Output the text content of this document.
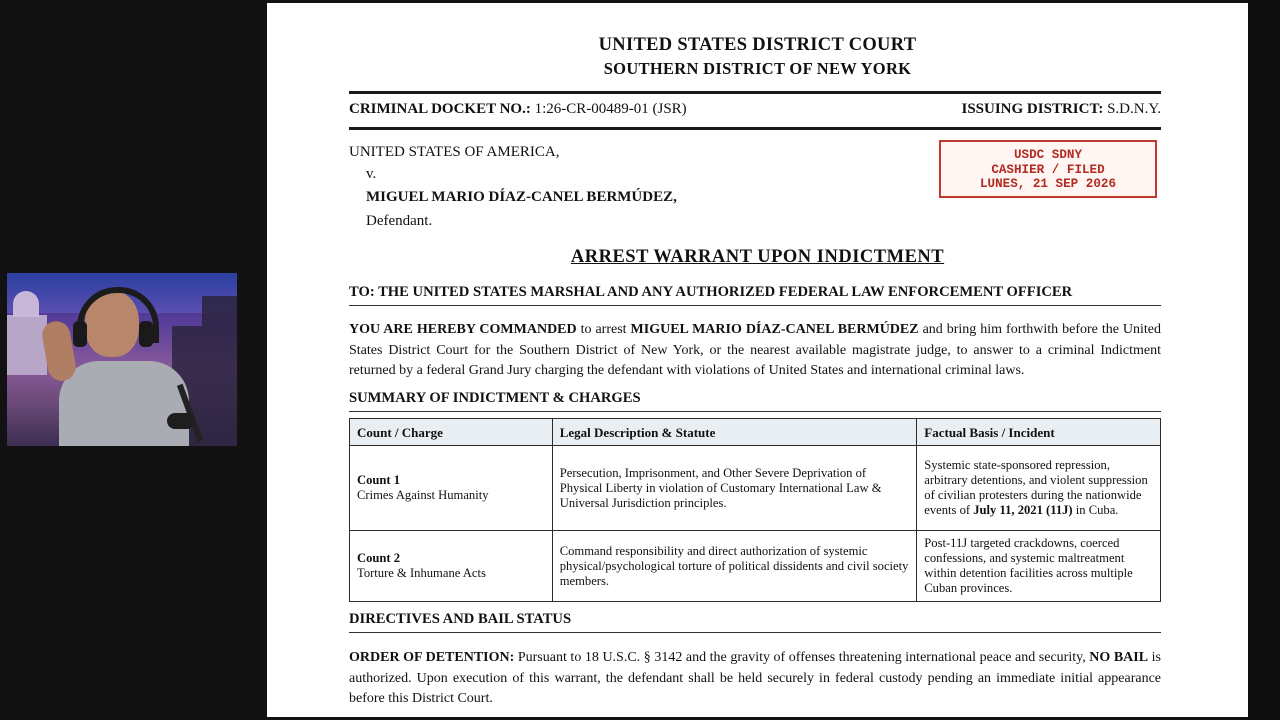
UNITED STATES DISTRICT COURT
SOUTHERN DISTRICT OF NEW YORK
CRIMINAL DOCKET NO.: 1:26-CR-00489-01 (JSR)	ISSUING DISTRICT: S.D.N.Y.
UNITED STATES OF AMERICA,
v.
MIGUEL MARIO DÍAZ-CANEL BERMÚDEZ,
Defendant.
USDC SDNY
CASHIER / FILED
LUNES, 21 SEP 2026
ARREST WARRANT UPON INDICTMENT
TO: THE UNITED STATES MARSHAL AND ANY AUTHORIZED FEDERAL LAW ENFORCEMENT OFFICER
YOU ARE HEREBY COMMANDED to arrest MIGUEL MARIO DÍAZ-CANEL BERMÚDEZ and bring him forthwith before the United States District Court for the Southern District of New York, or the nearest available magistrate judge, to answer to a criminal Indictment returned by a federal Grand Jury charging the defendant with violations of United States and international criminal laws.
SUMMARY OF INDICTMENT & CHARGES
Count / Charge	Legal Description & Statute	Factual Basis / Incident

Count 1
Crimes Against Humanity	Persecution, Imprisonment, and Other Severe Deprivation of Physical Liberty in violation of Customary International Law & Universal Jurisdiction principles.	Systemic state-sponsored repression, arbitrary detentions, and violent suppression of civilian protesters during the nationwide events of July 11, 2021 (11J) in Cuba.

Count 2
Torture & Inhumane Acts	Command responsibility and direct authorization of systemic physical/psychological torture of political dissidents and civil society members.	Post-11J targeted crackdowns, coerced confessions, and systemic maltreatment within detention facilities across multiple Cuban provinces.
DIRECTIVES AND BAIL STATUS
ORDER OF DETENTION: Pursuant to 18 U.S.C. § 3142 and the gravity of offenses threatening international peace and security, NO BAIL is authorized. Upon execution of this warrant, the defendant shall be held securely in federal custody pending an immediate initial appearance before this District Court.
